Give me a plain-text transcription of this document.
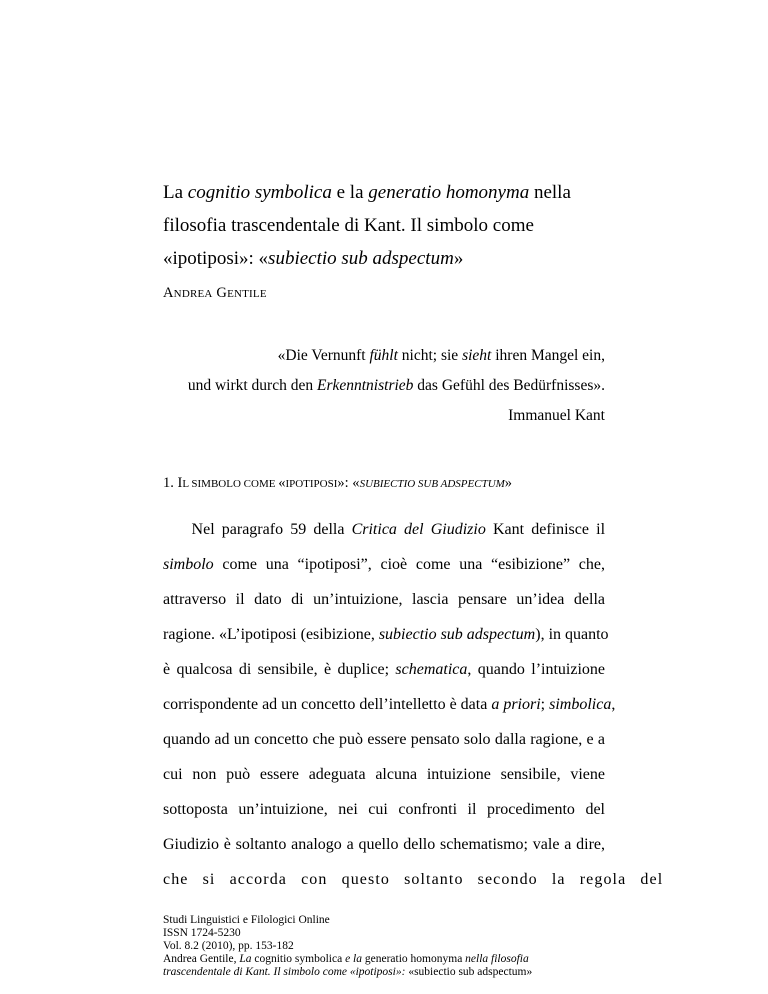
La cognitio symbolica e la generatio homonyma nella
filosofia trascendentale di Kant. Il simbolo come
«ipotiposi»: «subiectio sub adspectum»
ANDREA GENTILE
«Die Vernunft fühlt nicht; sie sieht ihren Mangel ein,
und wirkt durch den Erkenntnistrieb das Gefühl des Bedürfnisses».
Immanuel Kant
1. IL SIMBOLO COME «IPOTIPOSI»: «SUBIECTIO SUB ADSPECTUM»
Nel paragrafo 59 della Critica del Giudizio Kant definisce il
simbolo come una “ipotiposi”, cioè come una “esibizione” che,
attraverso il dato di un’intuizione, lascia pensare un’idea della
ragione. «L’ipotiposi (esibizione, subiectio sub adspectum), in quanto
è qualcosa di sensibile, è duplice; schematica, quando l’intuizione
corrispondente ad un concetto dell’intelletto è data a priori; simbolica,
quando ad un concetto che può essere pensato solo dalla ragione, e a
cui non può essere adeguata alcuna intuizione sensibile, viene
sottoposta un’intuizione, nei cui confronti il procedimento del
Giudizio è soltanto analogo a quello dello schematismo; vale a dire,
che si accorda con questo soltanto secondo la regola del
Studi Linguistici e Filologici Online
ISSN 1724-5230
Vol. 8.2 (2010), pp. 153-182
Andrea Gentile, La cognitio symbolica e la generatio homonyma nella filosofia
trascendentale di Kant. Il simbolo come «ipotiposi»: «subiectio sub adspectum»
